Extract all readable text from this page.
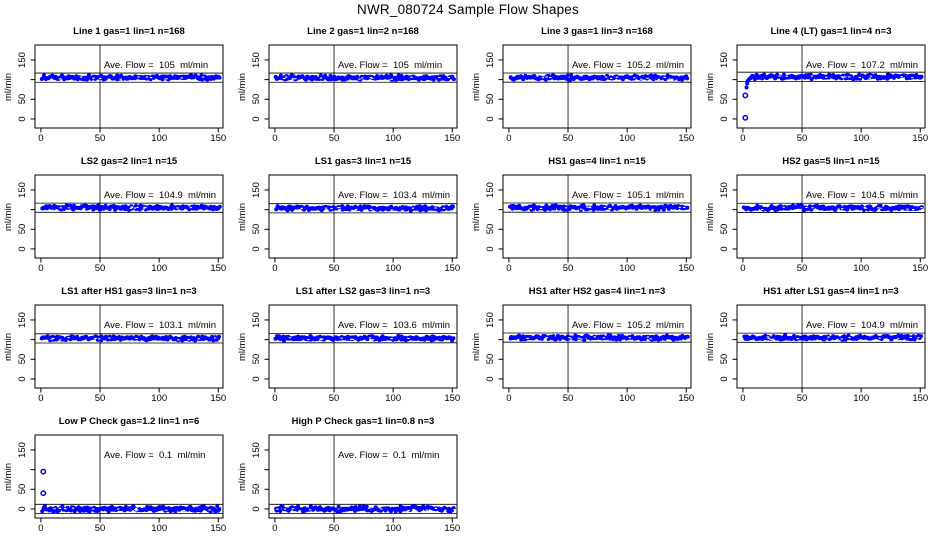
NWR_080724 Sample Flow Shapes
Line 1 gas=1 lin=1 n=168
Ave. Flow =  105  ml/min
0	50	100	150
0
50
150
ml/min
Line 2 gas=1 lin=2 n=168
Ave. Flow =  105  ml/min
0	50	100	150
0
50
150
ml/min
Line 3 gas=1 lin=3 n=168
Ave. Flow =  105.2  ml/min
0	50	100	150
0
50
150
ml/min
Line 4 (LT) gas=1 lin=4 n=3
Ave. Flow =  107.2  ml/min
0	50	100	150
0
50
150
ml/min
LS2 gas=2 lin=1 n=15
Ave. Flow =  104.9  ml/min
0	50	100	150
0
50
150
ml/min
LS1 gas=3 lin=1 n=15
Ave. Flow =  103.4  ml/min
0	50	100	150
0
50
150
ml/min
HS1 gas=4 lin=1 n=15
Ave. Flow =  105.1  ml/min
0	50	100	150
0
50
150
ml/min
HS2 gas=5 lin=1 n=15
Ave. Flow =  104.5  ml/min
0	50	100	150
0
50
150
ml/min
LS1 after HS1 gas=3 lin=1 n=3
Ave. Flow =  103.1  ml/min
0	50	100	150
0
50
150
ml/min
LS1 after LS2 gas=3 lin=1 n=3
Ave. Flow =  103.6  ml/min
0	50	100	150
0
50
150
ml/min
HS1 after HS2 gas=4 lin=1 n=3
Ave. Flow =  105.2  ml/min
0	50	100	150
0
50
150
ml/min
HS1 after LS1 gas=4 lin=1 n=3
Ave. Flow =  104.9  ml/min
0	50	100	150
0
50
150
ml/min
Low P Check gas=1.2 lin=1 n=6
Ave. Flow =  0.1  ml/min
0	50	100	150
0
50
150
ml/min
High P Check gas=1 lin=0.8 n=3
Ave. Flow =  0.1  ml/min
0	50	100	150
0
50
150
ml/min
